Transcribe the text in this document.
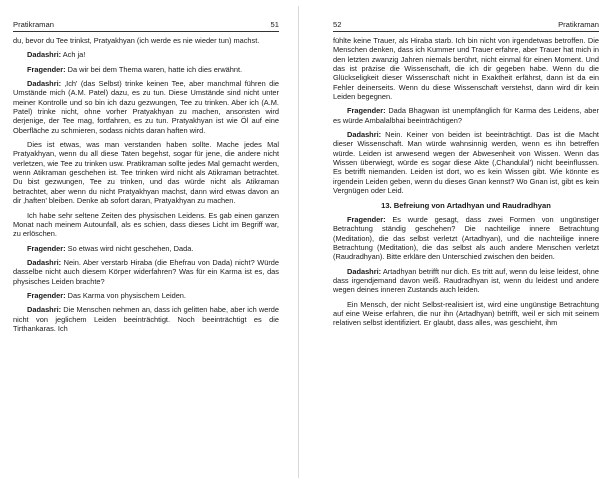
Pratikraman	51

du, bevor du Tee trinkst, Pratyakhyan (ich werde es nie wieder tun) machst.

Dadashri: Ach ja!

Fragender: Da wir bei dem Thema waren, hatte ich dies erwähnt.

Dadashri: ‚Ich' (das Selbst) trinke keinen Tee, aber manchmal führen die Umstände mich (A.M. Patel) dazu, es zu tun. Diese Umstände sind nicht unter meiner Kontrolle und so bin ich dazu gezwungen, Tee zu trinken. Aber ich (A.M. Patel) trinke nicht, ohne vorher Pratyakhyan zu machen, ansonsten wird derjenige, der Tee mag, fortfahren, es zu tun. Pratyakhyan ist wie Öl auf eine Oberfläche zu schmieren, sodass nichts daran haften wird.

Dies ist etwas, was man verstanden haben sollte. Mache jedes Mal Pratyakhyan, wenn du all diese Taten begehst, sogar für jene, die andere nicht verletzen, wie Tee zu trinken usw. Pratikraman sollte jedes Mal gemacht werden, wenn Atikraman geschehen ist. Tee trinken wird nicht als Atikraman betrachtet. Du bist gezwungen, Tee zu trinken, und das würde nicht als Atikraman betrachtet, aber wenn du nicht Pratyakhyan machst, dann wird etwas davon an dir ‚haften' bleiben. Denke ab sofort daran, Pratyakhyan zu machen.

Ich habe sehr seltene Zeiten des physischen Leidens. Es gab einen ganzen Monat nach meinem Autounfall, als es schien, dass dieses Licht im Begriff war, zu erlöschen.

Fragender: So etwas wird nicht geschehen, Dada.

Dadashri: Nein. Aber verstarb Hiraba (die Ehefrau von Dada) nicht? Würde dasselbe nicht auch diesem Körper widerfahren? Was für ein Karma ist es, das physisches Leiden brachte?

Fragender: Das Karma von physischem Leiden.

Dadashri: Die Menschen nehmen an, dass ich gelitten habe, aber ich werde nicht von jeglichem Leiden beeinträchtigt. Noch beeinträchtigt es die Tirthankaras. Ich

52	Pratikraman

fühlte keine Trauer, als Hiraba starb. Ich bin nicht von irgendetwas betroffen. Die Menschen denken, dass ich Kummer und Trauer erfahre, aber Trauer hat mich in den letzten zwanzig Jahren niemals berührt, nicht einmal für einen Moment. Und das ist präzise die Wissenschaft, die ich dir gegeben habe. Wenn du die Glückseligkeit dieser Wissenschaft nicht in Exaktheit erfährst, dann ist da ein Fehler deinerseits. Wenn du diese Wissenschaft verstehst, dann wird dir kein Leiden begegnen.

Fragender: Dada Bhagwan ist unempfänglich für Karma des Leidens, aber es würde Ambalalbhai beeinträchtigen?

Dadashri: Nein. Keiner von beiden ist beeinträchtigt. Das ist die Macht dieser Wissenschaft. Man würde wahnsinnig werden, wenn es ihn betreffen würde. Leiden ist anwesend wegen der Abwesenheit von Wissen. Wenn das Wissen überwiegt, würde es sogar diese Akte (‚Chandulal') nicht beeinflussen. Es betrifft niemanden. Leiden ist dort, wo es kein Wissen gibt. Wie könnte es irgendein Leiden geben, wenn du dieses Gnan kennst? Wo Gnan ist, gibt es kein Vergnügen oder Leid.

13. Befreiung von Artadhyan und Raudradhyan

Fragender: Es wurde gesagt, dass zwei Formen von ungünstiger Betrachtung ständig geschehen? Die nachteilige innere Betrachtung (Meditation), die das selbst verletzt (Artadhyan), und die nachteilige innere Betrachtung (Meditation), die das selbst als auch andere Menschen verletzt (Raudradhyan). Bitte erkläre den Unterschied zwischen den beiden.

Dadashri: Artadhyan betrifft nur dich. Es tritt auf, wenn du leise leidest, ohne dass irgendjemand davon weiß. Raudradhyan ist, wenn du leidest und andere wegen deines inneren Zustands auch leiden.

Ein Mensch, der nicht Selbst-realisiert ist, wird eine ungünstige Betrachtung auf eine Weise erfahren, die nur ihn (Artadhyan) betrifft, weil er sich mit seinem relativen selbst identifiziert. Er glaubt, dass alles, was geschieht, ihm
